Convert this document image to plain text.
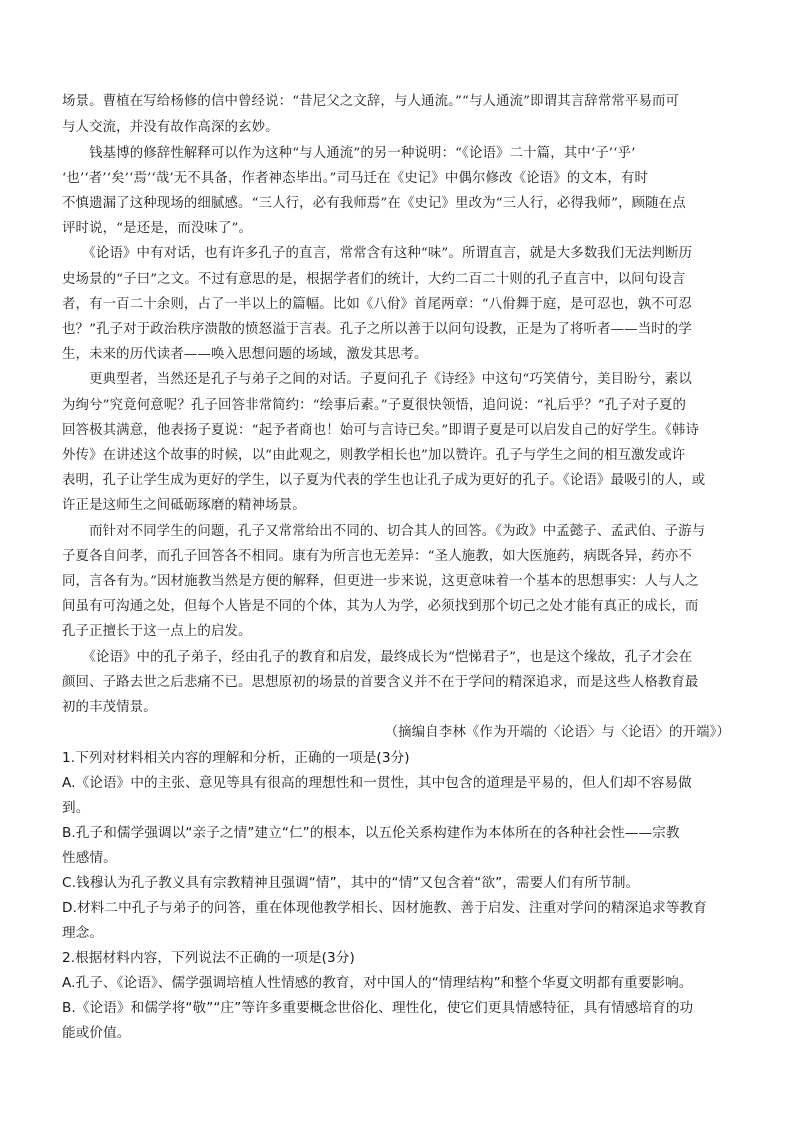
场景。曹植在写给杨修的信中曾经说：“昔尼父之文辞，与人通流。”“与人通流”即谓其言辞常常平易而可
与人交流，并没有故作高深的玄妙。
　　钱基博的修辞性解释可以作为这种“与人通流”的另一种说明：“《论语》二十篇，其中‘子’‘乎’
‘也’‘者’‘矣’‘焉’‘哉’无不具备，作者神态毕出。”司马迁在《史记》中偶尔修改《论语》的文本，有时
不慎遗漏了这种现场的细腻感。“三人行，必有我师焉”在《史记》里改为“三人行，必得我师”，顾随在点
评时说，“是还是，而没味了”。
　　《论语》中有对话，也有许多孔子的直言，常常含有这种“味”。所谓直言，就是大多数我们无法判断历
史场景的“子曰”之文。不过有意思的是，根据学者们的统计，大约二百二十则的孔子直言中，以问句设言
者，有一百二十余则，占了一半以上的篇幅。比如《八佾》首尾两章：“八佾舞于庭，是可忍也，孰不可忍
也？”孔子对于政治秩序溃散的愤怒溢于言表。孔子之所以善于以问句设教，正是为了将听者——当时的学
生，未来的历代读者——唤入思想问题的场域，激发其思考。
　　更典型者，当然还是孔子与弟子之间的对话。子夏问孔子《诗经》中这句“巧笑倩兮，美目盼兮，素以
为绚兮”究竟何意呢？孔子回答非常简约：“绘事后素。”子夏很快领悟，追问说：“礼后乎？”孔子对子夏的
回答极其满意，他表扬子夏说：“起予者商也！始可与言诗已矣。”即谓子夏是可以启发自己的好学生。《韩诗
外传》在讲述这个故事的时候，以“由此观之，则教学相长也”加以赞许。孔子与学生之间的相互激发或许
表明，孔子让学生成为更好的学生，以子夏为代表的学生也让孔子成为更好的孔子。《论语》最吸引的人，或
许正是这师生之间砥砺琢磨的精神场景。
　　而针对不同学生的问题，孔子又常常给出不同的、切合其人的回答。《为政》中孟懿子、孟武伯、子游与
子夏各自问孝，而孔子回答各不相同。康有为所言也无差异：“圣人施教，如大医施药，病既各异，药亦不
同，言各有为。”因材施教当然是方便的解释，但更进一步来说，这更意味着一个基本的思想事实：人与人之
间虽有可沟通之处，但每个人皆是不同的个体，其为人为学，必须找到那个切己之处才能有真正的成长，而
孔子正擅长于这一点上的启发。
　　《论语》中的孔子弟子，经由孔子的教育和启发，最终成长为“恺悌君子”，也是这个缘故，孔子才会在
颜回、子路去世之后悲痛不已。思想原初的场景的首要含义并不在于学问的精深追求，而是这些人格教育最
初的丰茂情景。
（摘编自李林《作为开端的〈论语〉与〈论语〉的开端》）
1.下列对材料相关内容的理解和分析，正确的一项是(3分)
A.《论语》中的主张、意见等具有很高的理想性和一贯性，其中包含的道理是平易的，但人们却不容易做
到。
B.孔子和儒学强调以“亲子之情”建立“仁”的根本，以五伦关系构建作为本体所在的各种社会性——宗教
性感情。
C.钱穆认为孔子教义具有宗教精神且强调“情”，其中的“情”又包含着“欲”，需要人们有所节制。
D.材料二中孔子与弟子的问答，重在体现他教学相长、因材施教、善于启发、注重对学问的精深追求等教育
理念。
2.根据材料内容，下列说法不正确的一项是(3分)
A.孔子、《论语》、儒学强调培植人性情感的教育，对中国人的“情理结构”和整个华夏文明都有重要影响。
B.《论语》和儒学将“敬”“庄”等许多重要概念世俗化、理性化，使它们更具情感特征，具有情感培育的功
能或价值。
